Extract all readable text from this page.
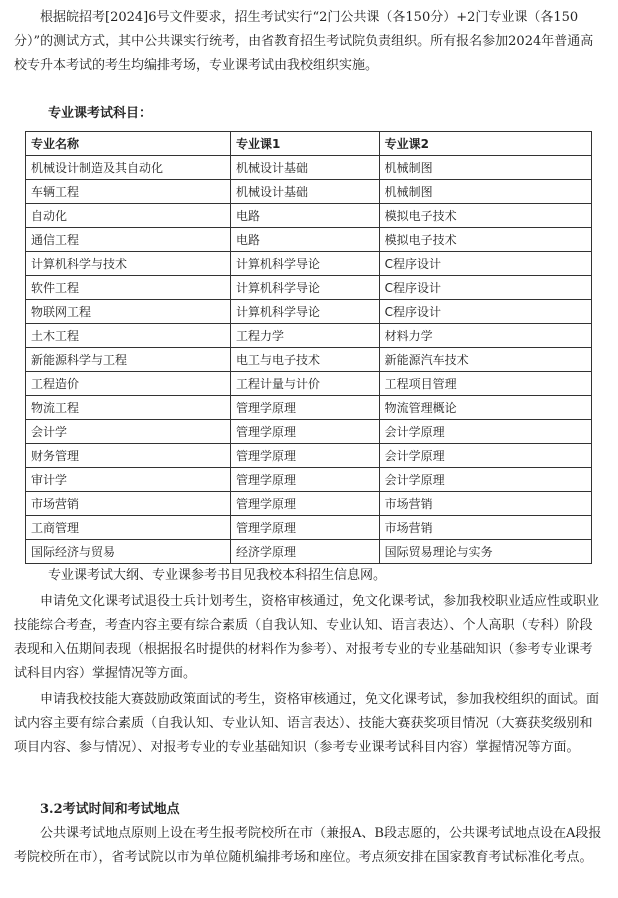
根据皖招考[2024]6号文件要求，招生考试实行“2门公共课（各150分）+2门专业课（各150分）”的测试方式，其中公共课实行统考，由省教育招生考试院负责组织。所有报名参加2024年普通高校专升本考试的考生均编排考场，专业课考试由我校组织实施。

专业课考试科目：
专业名称	专业课1	专业课2
机械设计制造及其自动化	机械设计基础	机械制图
车辆工程	机械设计基础	机械制图
自动化	电路	模拟电子技术
通信工程	电路	模拟电子技术
计算机科学与技术	计算机科学导论	C程序设计
软件工程	计算机科学导论	C程序设计
物联网工程	计算机科学导论	C程序设计
土木工程	工程力学	材料力学
新能源科学与工程	电工与电子技术	新能源汽车技术
工程造价	工程计量与计价	工程项目管理
物流工程	管理学原理	物流管理概论
会计学	管理学原理	会计学原理
财务管理	管理学原理	会计学原理
审计学	管理学原理	会计学原理
市场营销	管理学原理	市场营销
工商管理	管理学原理	市场营销
国际经济与贸易	经济学原理	国际贸易理论与实务
专业课考试大纲、专业课参考书目见我校本科招生信息网。

申请免文化课考试退役士兵计划考生，资格审核通过，免文化课考试，参加我校职业适应性或职业技能综合考查，考查内容主要有综合素质（自我认知、专业认知、语言表达）、个人高职（专科）阶段表现和入伍期间表现（根据报名时提供的材料作为参考）、对报考专业的专业基础知识（参考专业课考试科目内容）掌握情况等方面。

申请我校技能大赛鼓励政策面试的考生，资格审核通过，免文化课考试，参加我校组织的面试。面试内容主要有综合素质（自我认知、专业认知、语言表达）、技能大赛获奖项目情况（大赛获奖级别和项目内容、参与情况）、对报考专业的专业基础知识（参考专业课考试科目内容）掌握情况等方面。

3.2考试时间和考试地点

公共课考试地点原则上设在考生报考院校所在市（兼报A、B段志愿的，公共课考试地点设在A段报考院校所在市），省考试院以市为单位随机编排考场和座位。考点须安排在国家教育考试标准化考点。
